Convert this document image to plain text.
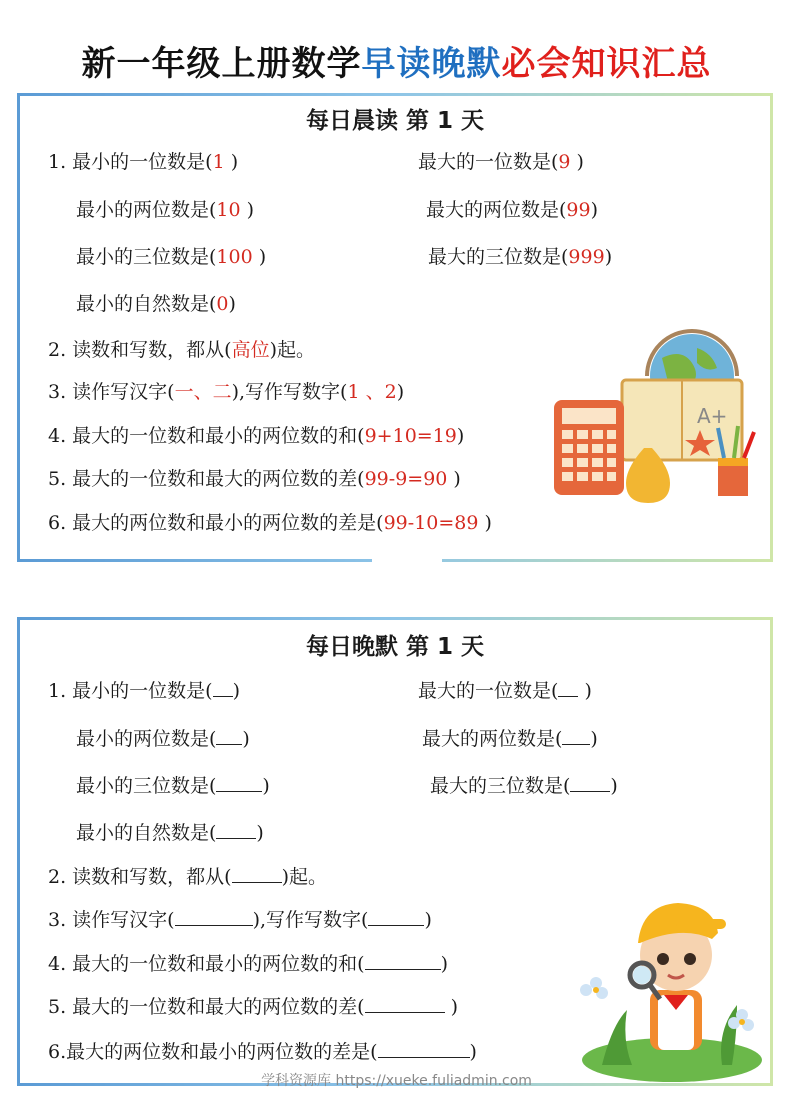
新一年级上册数学早读晚默必会知识汇总
每日晨读 第 1 天
1. 最小的一位数是(1 )	最大的一位数是(9 )
最小的两位数是(10 )	最大的两位数是(99)
最小的三位数是(100 )	最大的三位数是(999)
最小的自然数是(0)
2. 读数和写数，都从(高位)起。
3. 读作写汉字(一、二),写作写数字(1 、2)
4. 最大的一位数和最小的两位数的和(9+10=19)
5. 最大的一位数和最大的两位数的差(99-9=90 )
6. 最大的两位数和最小的两位数的差是(99-10=89 )
A+
每日晚默 第 1 天
1. 最小的一位数是( )	最大的一位数是( )
最小的两位数是( )	最大的两位数是( )
最小的三位数是( )	最大的三位数是( )
最小的自然数是( )
2. 读数和写数，都从(	)起。
3. 读作写汉字(	),写作写数字(	)
4. 最大的一位数和最小的两位数的和(	)
5. 最大的一位数和最大的两位数的差(	)
6.最大的两位数和最小的两位数的差是(	)
学科资源库 https://xueke.fuliadmin.com
